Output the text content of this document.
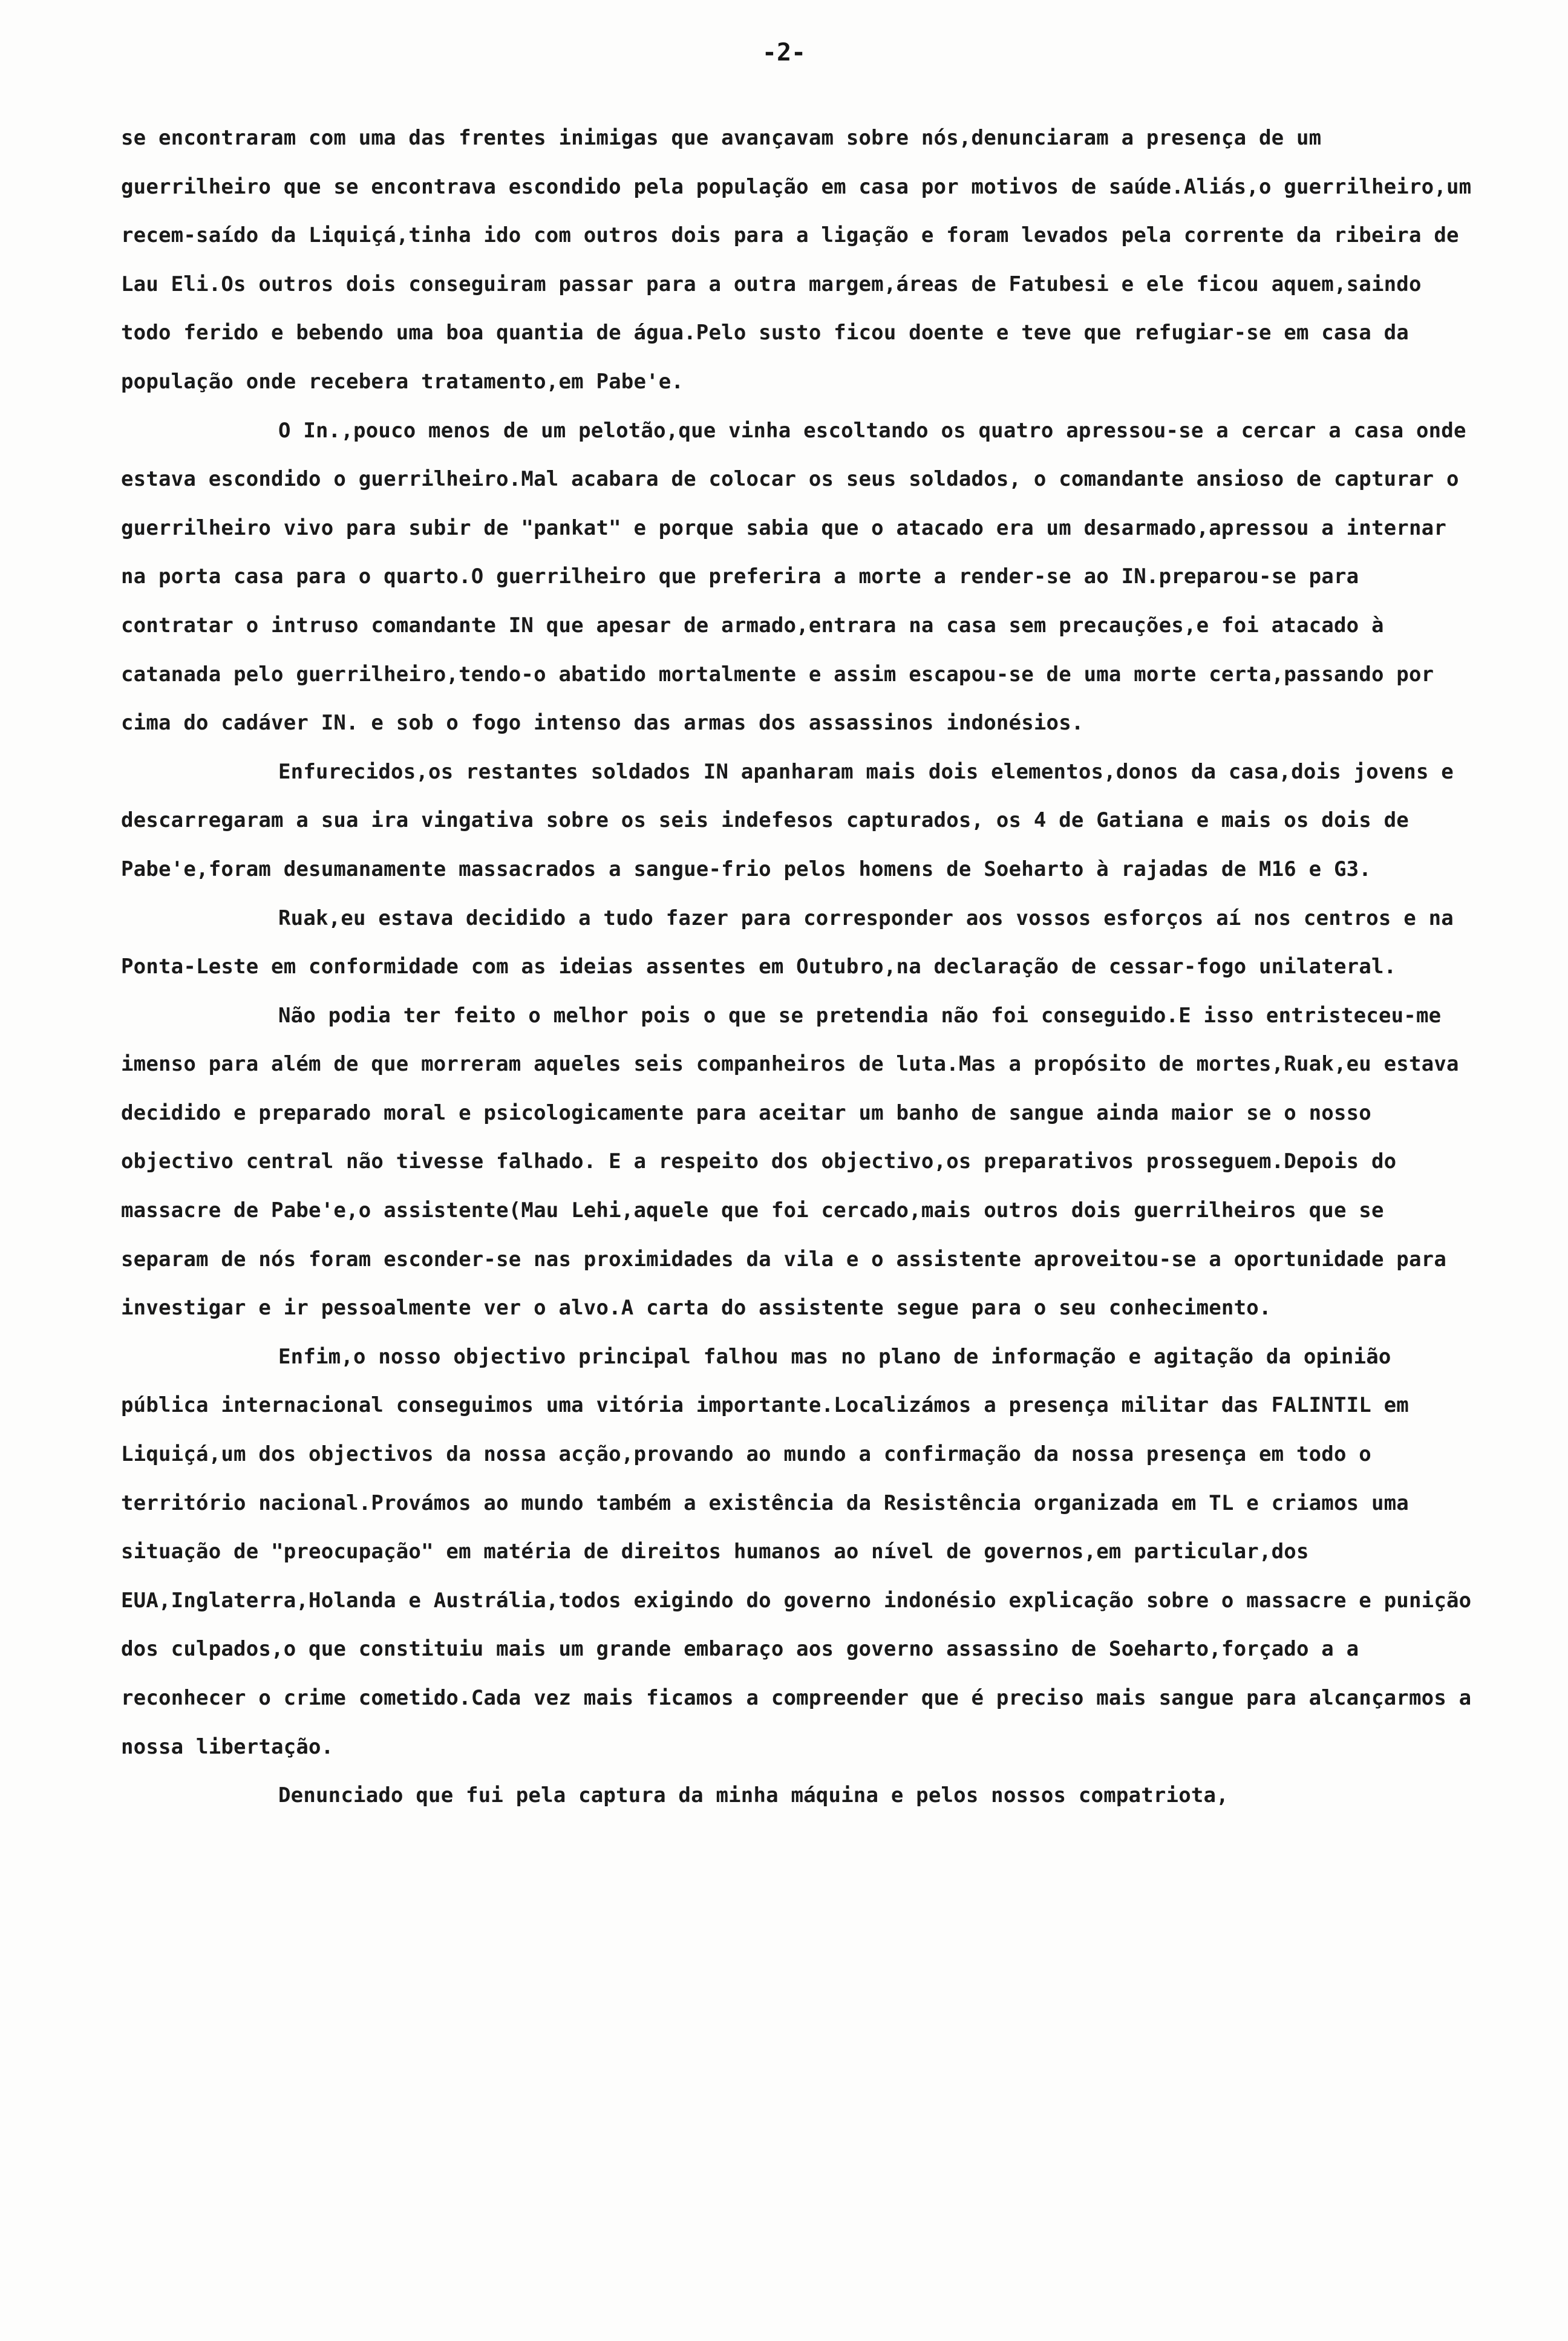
-2-

se encontraram com uma das frentes inimigas que avançavam sobre nós,denunciaram a presença de um guerrilheiro que se encontrava escondido pela população em casa por motivos de saúde.Aliás,o guerrilheiro,um recem-saído da Liquiçá,tinha ido com outros dois para a ligação e foram levados pela corrente da ribeira de Lau Eli.Os outros dois conseguiram passar para a outra margem,áreas de Fatubesi e ele ficou aquem,saindo todo ferido e bebendo uma boa quantia de água.Pelo susto ficou doente e teve que refugiar-se em casa da população onde recebera tratamento,em Pabe'e.

O In.,pouco menos de um pelotão,que vinha escoltando os quatro apressou-se a cercar a casa onde estava escondido o guerrilheiro.Mal acabara de colocar os seus soldados, o comandante ansioso de capturar o guerrilheiro vivo para subir de "pankat" e porque sabia que o atacado era um desarmado,apressou a internar na porta casa para o quarto.O guerrilheiro que preferira a morte a render-se ao IN.preparou-se para contratar o intruso comandante IN que apesar de armado,entrara na casa sem precauções,e foi atacado à catanada pelo guerrilheiro,tendo-o abatido mortalmente e assim escapou-se de uma morte certa,passando por cima do cadáver IN. e sob o fogo intenso das armas dos assassinos indonésios.

Enfurecidos,os restantes soldados IN apanharam mais dois elementos,donos da casa,dois jovens e descarregaram a sua ira vingativa sobre os seis indefesos capturados, os 4 de Gatiana e mais os dois de Pabe'e,foram desumanamente massacrados a sangue-frio pelos homens de Soeharto à rajadas de M16 e G3.

Ruak,eu estava decidido a tudo fazer para corresponder aos vossos esforços aí nos centros e na Ponta-Leste em conformidade com as ideias assentes em Outubro,na declaração de cessar-fogo unilateral.

Não podia ter feito o melhor pois o que se pretendia não foi conseguido.E isso entristeceu-me imenso para além de que morreram aqueles seis companheiros de luta.Mas a propósito de mortes,Ruak,eu estava decidido e preparado moral e psicologicamente para aceitar um banho de sangue ainda maior se o nosso objectivo central não tivesse falhado. E a respeito dos objectivo,os preparativos prosseguem.Depois do massacre de Pabe'e,o assistente(Mau Lehi,aquele que foi cercado,mais outros dois guerrilheiros que se separam de nós foram esconder-se nas proximidades da vila e o assistente aproveitou-se a oportunidade para investigar e ir pessoalmente ver o alvo.A carta do assistente segue para o seu conhecimento.

Enfim,o nosso objectivo principal falhou mas no plano de informação e agitação da opinião pública internacional conseguimos uma vitória importante.Localizámos a presença militar das FALINTIL em Liquiçá,um dos objectivos da nossa acção,provando ao mundo a confirmação da nossa presença em todo o território nacional.Provámos ao mundo também a existência da Resistência organizada em TL e criamos uma situação de "preocupação" em matéria de direitos humanos ao nível de governos,em particular,dos EUA,Inglaterra,Holanda e Austrália,todos exigindo do governo indonésio explicação sobre o massacre e punição dos culpados,o que constituiu mais um grande embaraço aos governo assassino de Soeharto,forçado a a reconhecer o crime cometido.Cada vez mais ficamos a compreender que é preciso mais sangue para alcançarmos a nossa libertação.

Denunciado que fui pela captura da minha máquina e pelos nossos compatriota,
